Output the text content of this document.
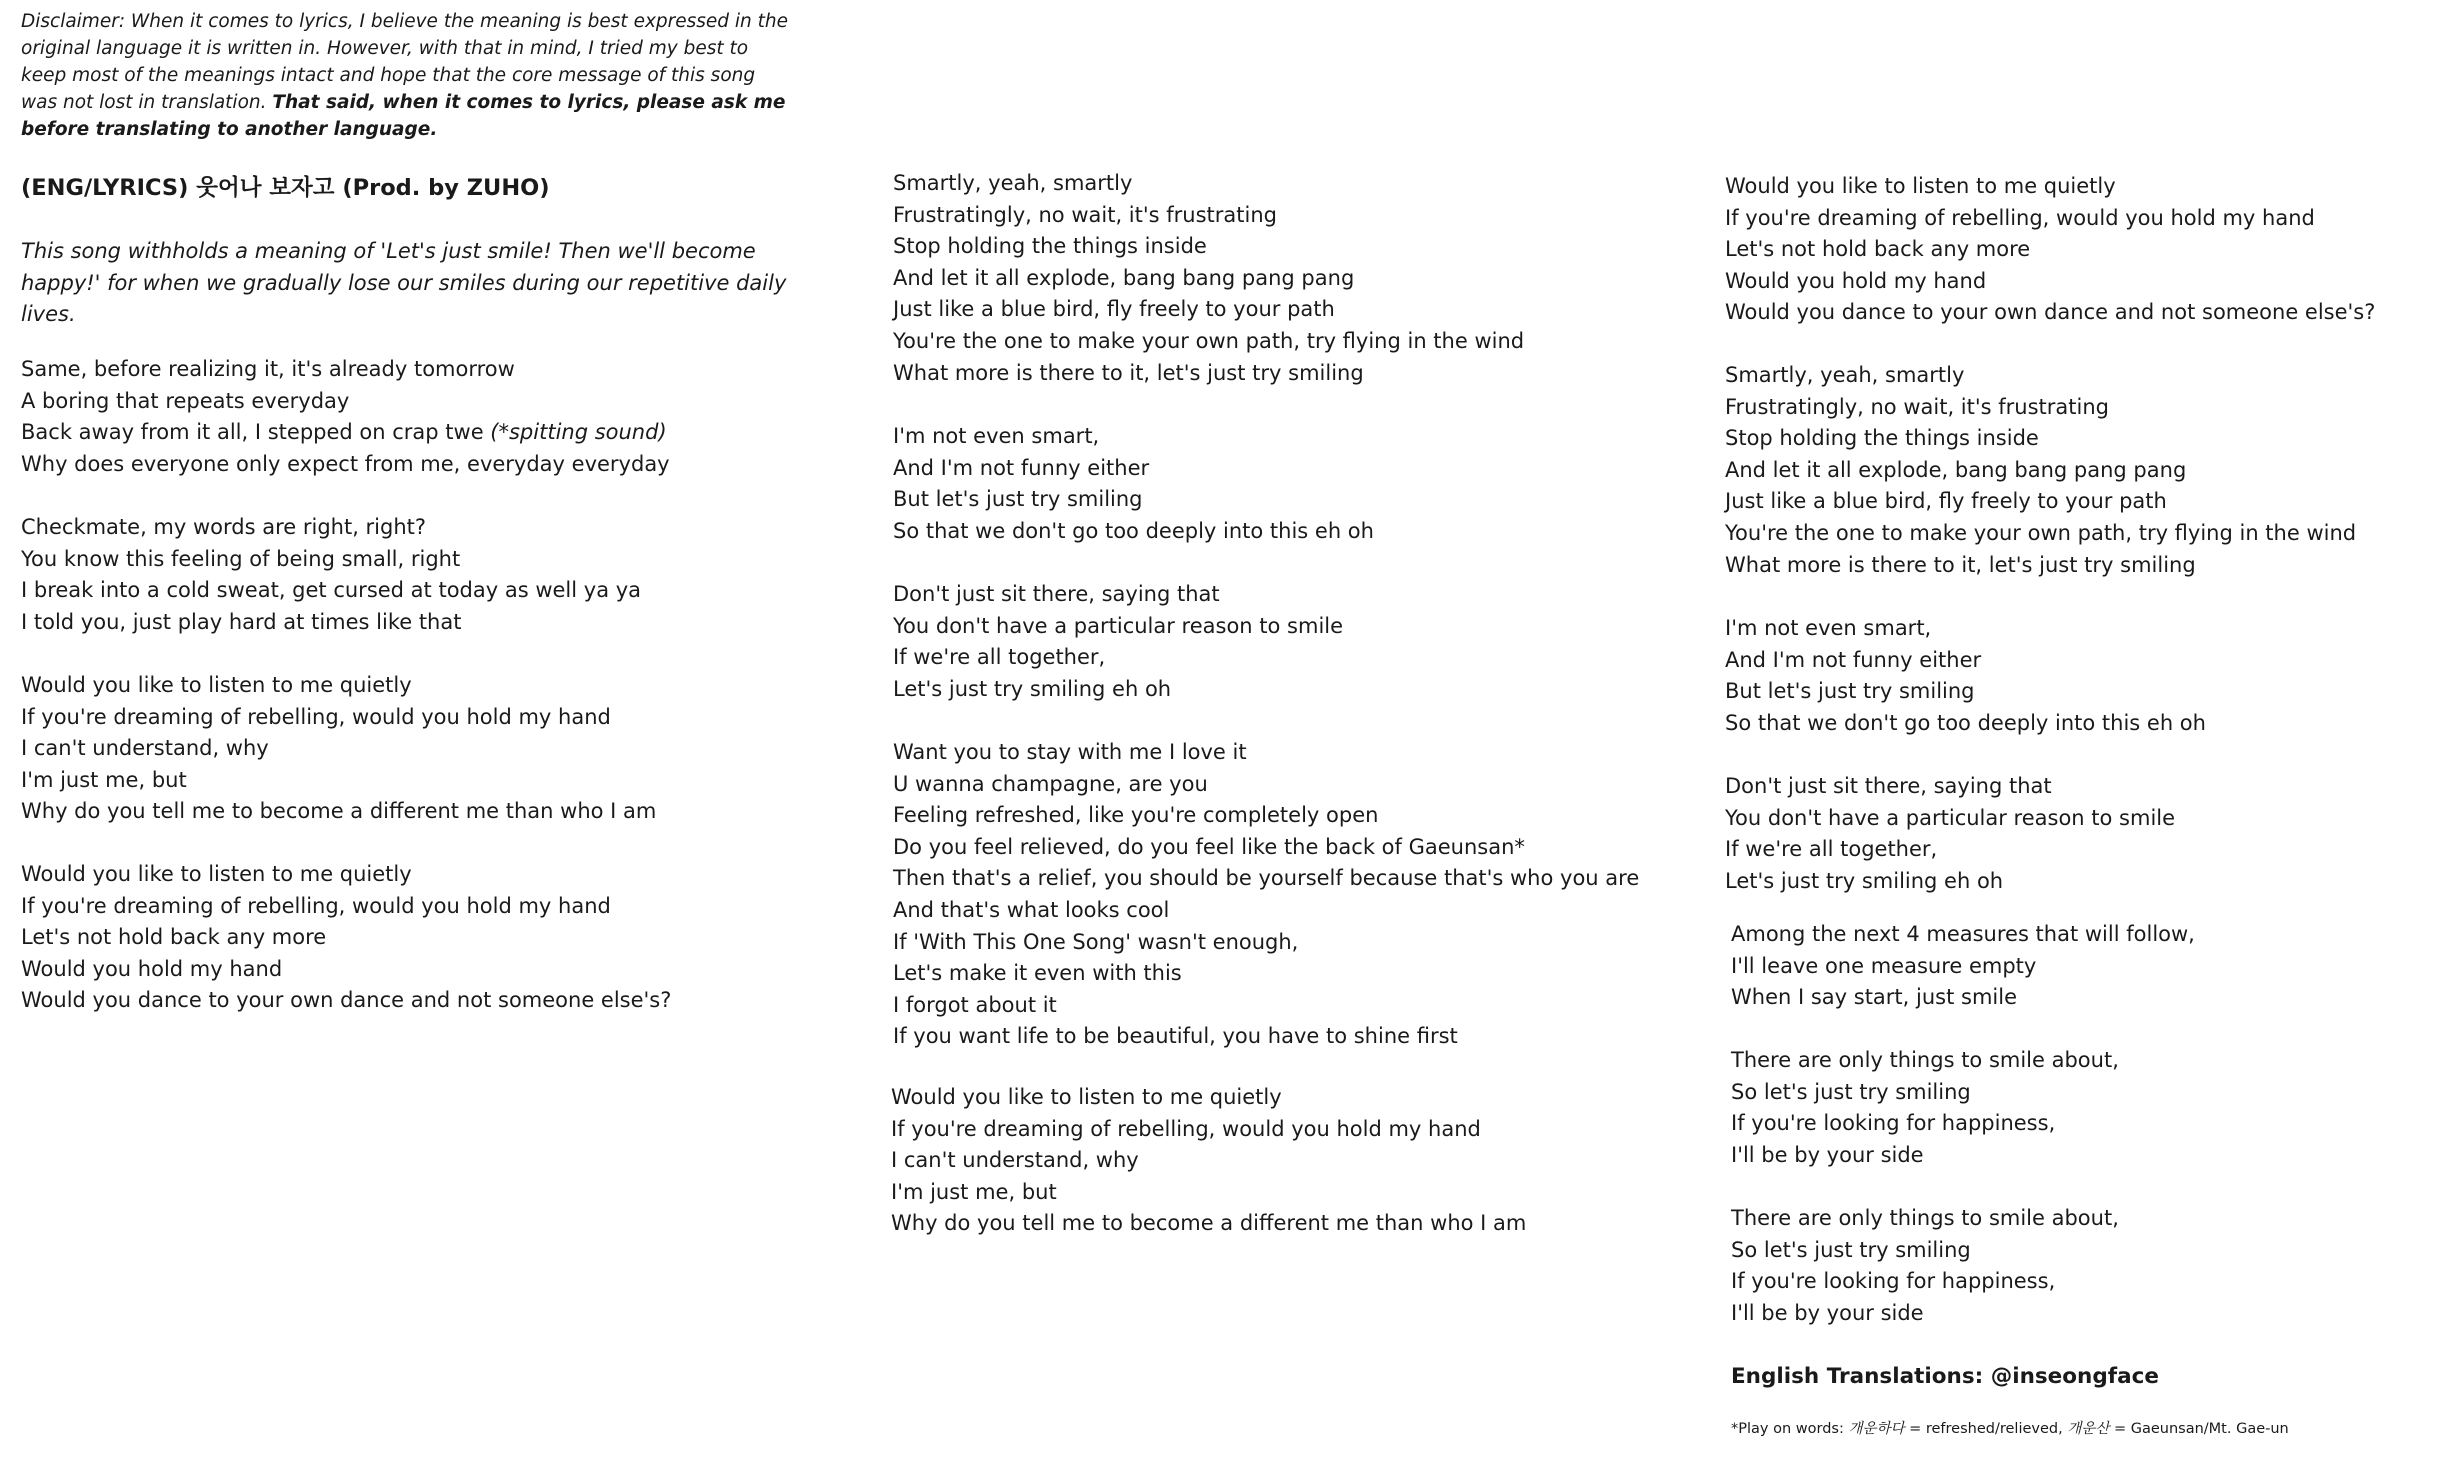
Disclaimer: When it comes to lyrics, I believe the meaning is best expressed in the original language it is written in. However, with that in mind, I tried my best to keep most of the meanings intact and hope that the core message of this song was not lost in translation. That said, when it comes to lyrics, please ask me before translating to another language.

(ENG/LYRICS) 웃어나 보자고 (Prod. by ZUHO)

This song withholds a meaning of 'Let's just smile! Then we'll become happy!' for when we gradually lose our smiles during our repetitive daily lives.

Same, before realizing it, it's already tomorrow
A boring that repeats everyday
Back away from it all, I stepped on crap twe (*spitting sound)
Why does everyone only expect from me, everyday everyday

Checkmate, my words are right, right?
You know this feeling of being small, right
I break into a cold sweat, get cursed at today as well ya ya
I told you, just play hard at times like that

Would you like to listen to me quietly
If you're dreaming of rebelling, would you hold my hand
I can't understand, why
I'm just me, but
Why do you tell me to become a different me than who I am

Would you like to listen to me quietly
If you're dreaming of rebelling, would you hold my hand
Let's not hold back any more
Would you hold my hand
Would you dance to your own dance and not someone else's?

Smartly, yeah, smartly
Frustratingly, no wait, it's frustrating
Stop holding the things inside
And let it all explode, bang bang pang pang
Just like a blue bird, fly freely to your path
You're the one to make your own path, try flying in the wind
What more is there to it, let's just try smiling

I'm not even smart,
And I'm not funny either
But let's just try smiling
So that we don't go too deeply into this eh oh

Don't just sit there, saying that
You don't have a particular reason to smile
If we're all together,
Let's just try smiling eh oh

Want you to stay with me I love it
U wanna champagne, are you
Feeling refreshed, like you're completely open
Do you feel relieved, do you feel like the back of Gaeunsan*
Then that's a relief, you should be yourself because that's who you are
And that's what looks cool
If 'With This One Song' wasn't enough,
Let's make it even with this
I forgot about it
If you want life to be beautiful, you have to shine first

Would you like to listen to me quietly
If you're dreaming of rebelling, would you hold my hand
I can't understand, why
I'm just me, but
Why do you tell me to become a different me than who I am

Would you like to listen to me quietly
If you're dreaming of rebelling, would you hold my hand
Let's not hold back any more
Would you hold my hand
Would you dance to your own dance and not someone else's?

Smartly, yeah, smartly
Frustratingly, no wait, it's frustrating
Stop holding the things inside
And let it all explode, bang bang pang pang
Just like a blue bird, fly freely to your path
You're the one to make your own path, try flying in the wind
What more is there to it, let's just try smiling

I'm not even smart,
And I'm not funny either
But let's just try smiling
So that we don't go too deeply into this eh oh

Don't just sit there, saying that
You don't have a particular reason to smile
If we're all together,
Let's just try smiling eh oh

Among the next 4 measures that will follow,
I'll leave one measure empty
When I say start, just smile

There are only things to smile about,
So let's just try smiling
If you're looking for happiness,
I'll be by your side

There are only things to smile about,
So let's just try smiling
If you're looking for happiness,
I'll be by your side

English Translations: @inseongface

*Play on words: 개운하다 = refreshed/relieved, 개운산 = Gaeunsan/Mt. Gae-un
